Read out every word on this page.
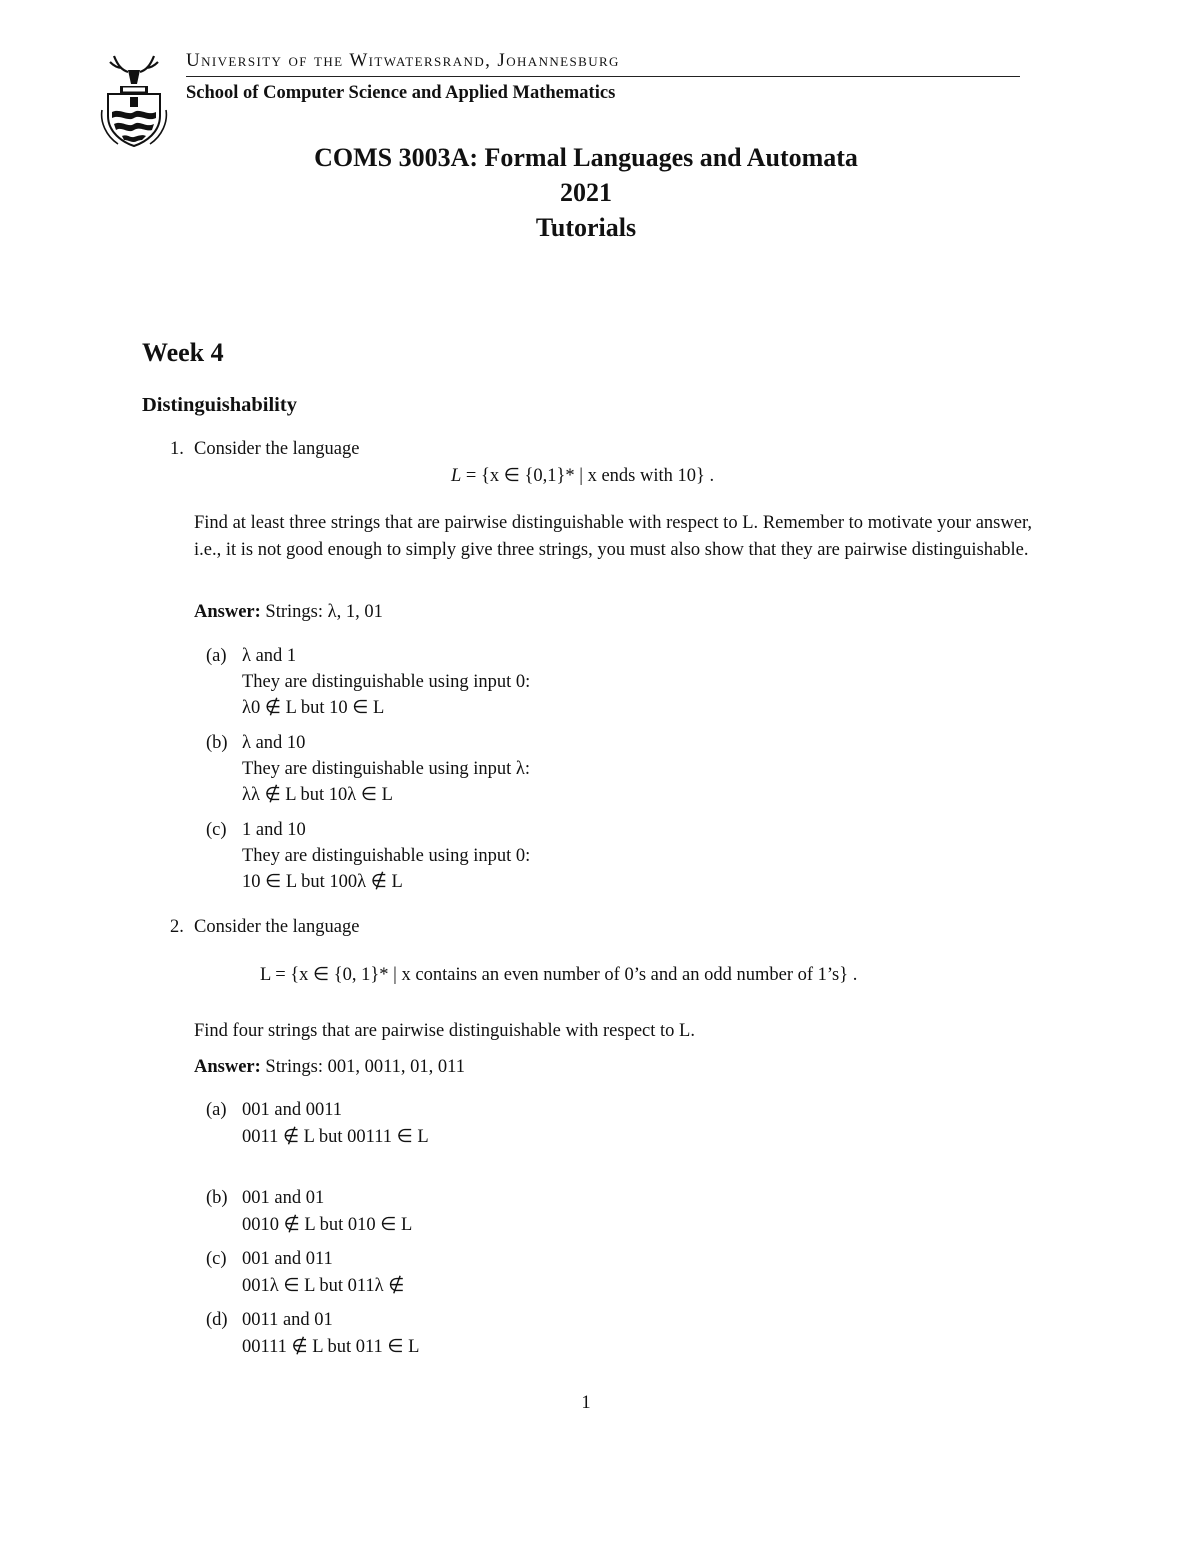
University of the Witwatersrand, Johannesburg
School of Computer Science and Applied Mathematics
COMS 3003A: Formal Languages and Automata
2021
Tutorials
Week 4
Distinguishability
1. Consider the language
L = {x ∈ {0,1}* | x ends with 10} .
Find at least three strings that are pairwise distinguishable with respect to L. Remember to motivate your answer, i.e., it is not good enough to simply give three strings, you must also show that they are pairwise distinguishable.
Answer: Strings: λ, 1, 01
(a) λ and 1
They are distinguishable using input 0:
λ0 ∉ L but 10 ∈ L
(b) λ and 10
They are distinguishable using input λ:
λλ ∉ L but 10λ ∈ L
(c) 1 and 10
They are distinguishable using input 0:
10 ∈ L but 100λ ∉ L
2. Consider the language
L = {x ∈ {0, 1}* | x contains an even number of 0’s and an odd number of 1’s} .
Find four strings that are pairwise distinguishable with respect to L.
Answer: Strings: 001, 0011, 01, 011
(a) 001 and 0011
0011 ∉ L but 00111 ∈ L
(b) 001 and 01
0010 ∉ L but 010 ∈ L
(c) 001 and 011
001λ ∈ L but 011λ ∉
(d) 0011 and 01
00111 ∉ L but 011 ∈ L
1
